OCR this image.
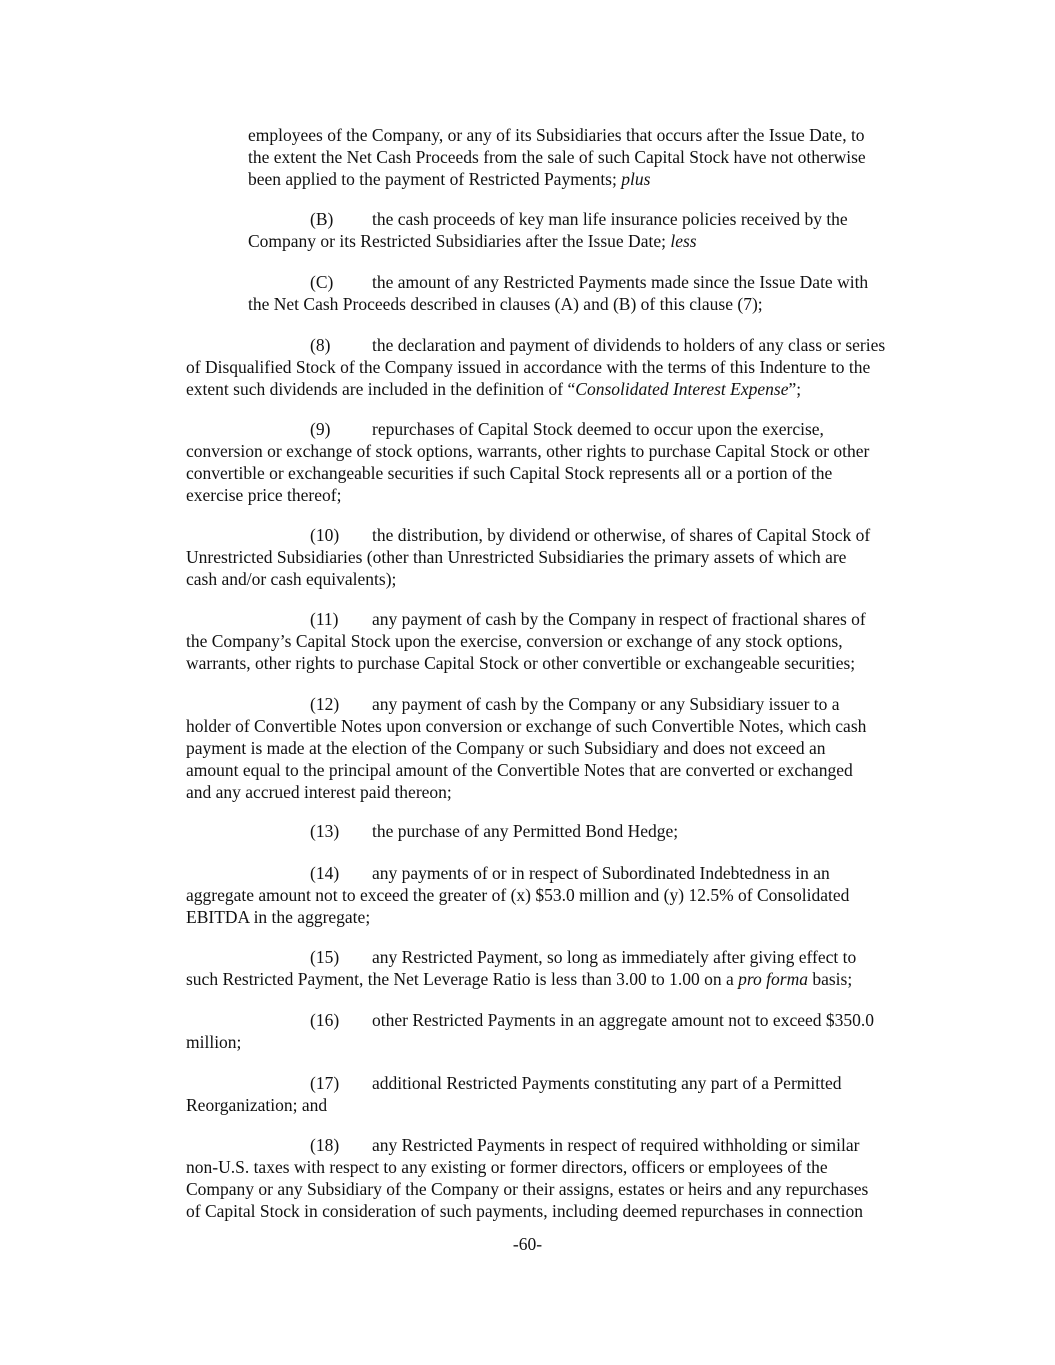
employees of the Company, or any of its Subsidiaries that occurs after the Issue Date, to
the extent the Net Cash Proceeds from the sale of such Capital Stock have not otherwise
been applied to the payment of Restricted Payments; plus
(B) the cash proceeds of key man life insurance policies received by the
Company or its Restricted Subsidiaries after the Issue Date; less
(C) the amount of any Restricted Payments made since the Issue Date with
the Net Cash Proceeds described in clauses (A) and (B) of this clause (7);
(8) the declaration and payment of dividends to holders of any class or series
of Disqualified Stock of the Company issued in accordance with the terms of this Indenture to the
extent such dividends are included in the definition of “Consolidated Interest Expense”;
(9) repurchases of Capital Stock deemed to occur upon the exercise,
conversion or exchange of stock options, warrants, other rights to purchase Capital Stock or other
convertible or exchangeable securities if such Capital Stock represents all or a portion of the
exercise price thereof;
(10) the distribution, by dividend or otherwise, of shares of Capital Stock of
Unrestricted Subsidiaries (other than Unrestricted Subsidiaries the primary assets of which are
cash and/or cash equivalents);
(11) any payment of cash by the Company in respect of fractional shares of
the Company’s Capital Stock upon the exercise, conversion or exchange of any stock options,
warrants, other rights to purchase Capital Stock or other convertible or exchangeable securities;
(12) any payment of cash by the Company or any Subsidiary issuer to a
holder of Convertible Notes upon conversion or exchange of such Convertible Notes, which cash
payment is made at the election of the Company or such Subsidiary and does not exceed an
amount equal to the principal amount of the Convertible Notes that are converted or exchanged
and any accrued interest paid thereon;
(13) the purchase of any Permitted Bond Hedge;
(14) any payments of or in respect of Subordinated Indebtedness in an
aggregate amount not to exceed the greater of (x) $53.0 million and (y) 12.5% of Consolidated
EBITDA in the aggregate;
(15) any Restricted Payment, so long as immediately after giving effect to
such Restricted Payment, the Net Leverage Ratio is less than 3.00 to 1.00 on a pro forma basis;
(16) other Restricted Payments in an aggregate amount not to exceed $350.0
million;
(17) additional Restricted Payments constituting any part of a Permitted
Reorganization; and
(18) any Restricted Payments in respect of required withholding or similar
non-U.S. taxes with respect to any existing or former directors, officers or employees of the
Company or any Subsidiary of the Company or their assigns, estates or heirs and any repurchases
of Capital Stock in consideration of such payments, including deemed repurchases in connection
-60-
